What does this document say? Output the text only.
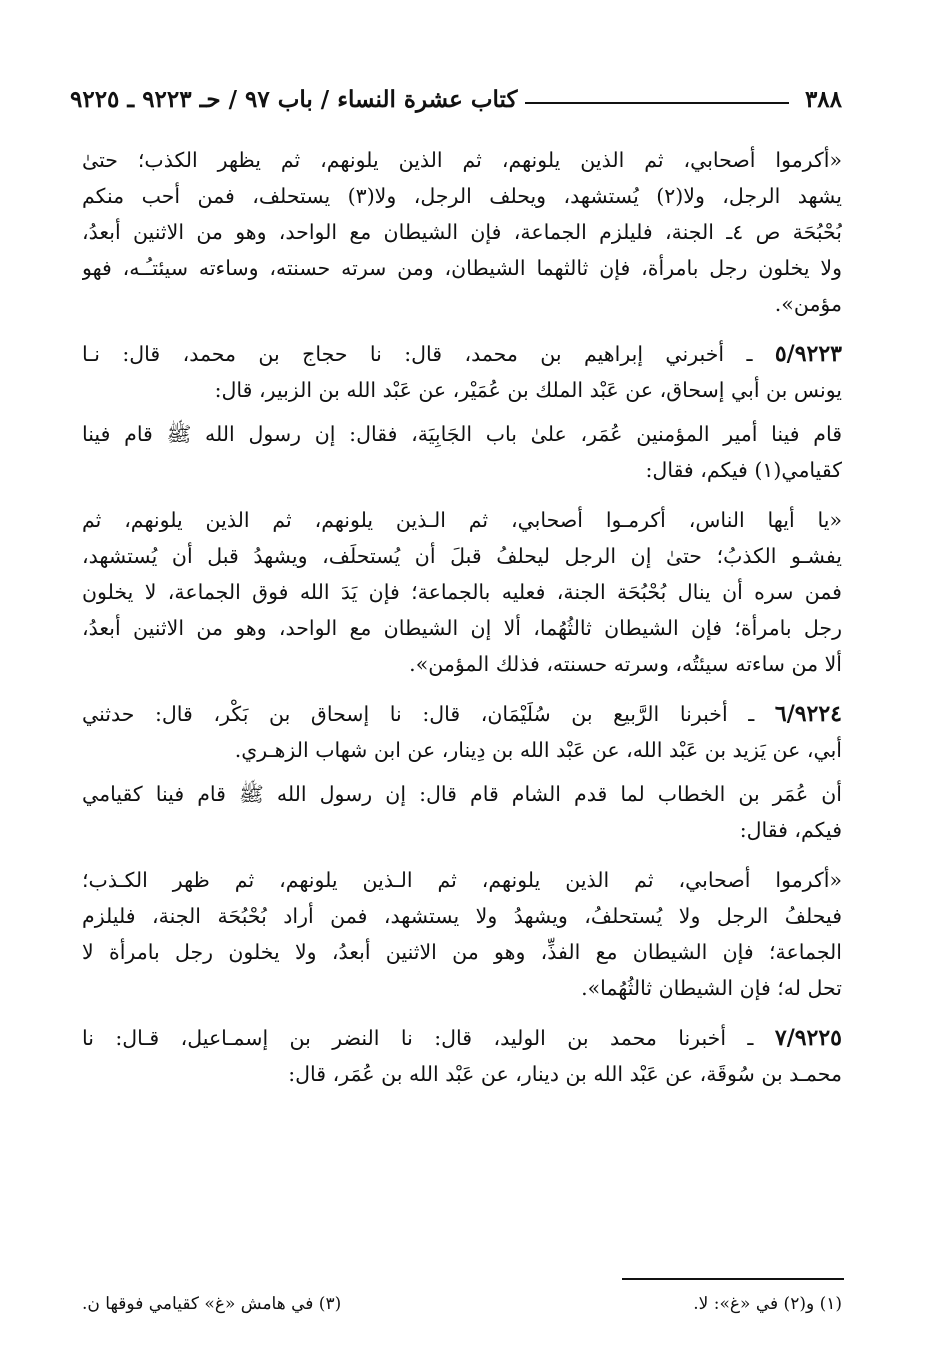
٣٨٨
كتاب عشرة النساء / باب ٩٧ / حـ ٩٢٢٣ ـ ٩٢٢٥
«أكرموا أصحابي، ثم الذين يلونهم، ثم الذين يلونهم، ثم يظهر الكذب؛ حتىٰ
يشهد الرجل، ولا(٢) يُستشهد، ويحلف الرجل، ولا(٣) يستحلف، فمن أحب منكم
بُحْبُحَة ص ٤ـ الجنة، فليلزم الجماعة، فإن الشيطان مع الواحد، وهو من الاثنين أبعدُ،
ولا يخلون رجل بامرأة، فإن ثالثهما الشيطان، ومن سرته حسنته، وساءته سيئتـُـه، فهو
مؤمن».
٥/٩٢٢٣ ـ أخبرني إبراهيم بن محمد، قال: نا حجاج بن محمد، قال: نـا
يونس بن أبي إسحاق، عن عَبْد الملك بن عُمَيْر، عن عَبْد الله بن الزبير، قال:
قام فينا أمير المؤمنين عُمَر، علىٰ باب الجَابِيَة، فقال: إن رسول الله ﷺ قام فينا
كقيامي(١) فيكم، فقال:
«يا أيها الناس، أكرمـوا أصحابي، ثم الـذين يلونهم، ثم الذين يلونهم، ثم
يفشـو الكذبُ؛ حتىٰ إن الرجل ليحلفُ قبلَ أن يُستحلَف، ويشهدُ قبل أن يُستشهد،
فمن سره أن ينال بُحْبُحَة الجنة، فعليه بالجماعة؛ فإن يَدَ الله فوق الجماعة، لا يخلون
رجل بامرأة؛ فإن الشيطان ثالثُهُما، ألا إن الشيطان مع الواحد، وهو من الاثنين أبعدُ،
ألا من ساءته سيئتُه، وسرته حسنته، فذلك المؤمن».
٦/٩٢٢٤ ـ أخبرنا الرَّبيع بن سُلَيْمَان، قال: نا إسحاق بن بَكْر، قال: حدثني
أبي، عن يَزيد بن عَبْد الله، عن عَبْد الله بن دِينار، عن ابن شهاب الزهـري.
أن عُمَر بن الخطاب لما قدم الشام قام قال: إن رسول الله ﷺ قام فينا كقيامي
فيكم، فقال:
«أكرموا أصحابي، ثم الذين يلونهم، ثم الـذين يلونهم، ثم ظهر الكـذب؛
فيحلفُ الرجل ولا يُستحلفُ، ويشهدُ ولا يستشهد، فمن أراد بُحْبُحَة الجنة، فليلزم
الجماعة؛ فإن الشيطان مع الفذِّ، وهو من الاثنين أبعدُ، ولا يخلون رجل بامرأة لا
تحل له؛ فإن الشيطان ثالثُهُما».
٧/٩٢٢٥ ـ أخبرنا محمد بن الوليد، قال: نا النضر بن إسمـاعيل، قـال: نا
محمـد بن سُوقَة، عن عَبْد الله بن دينار، عن عَبْد الله بن عُمَر، قال:
(١) و(٢) في «غ»: لا.
(٣) في هامش «غ» كقيامي فوقها ن.
